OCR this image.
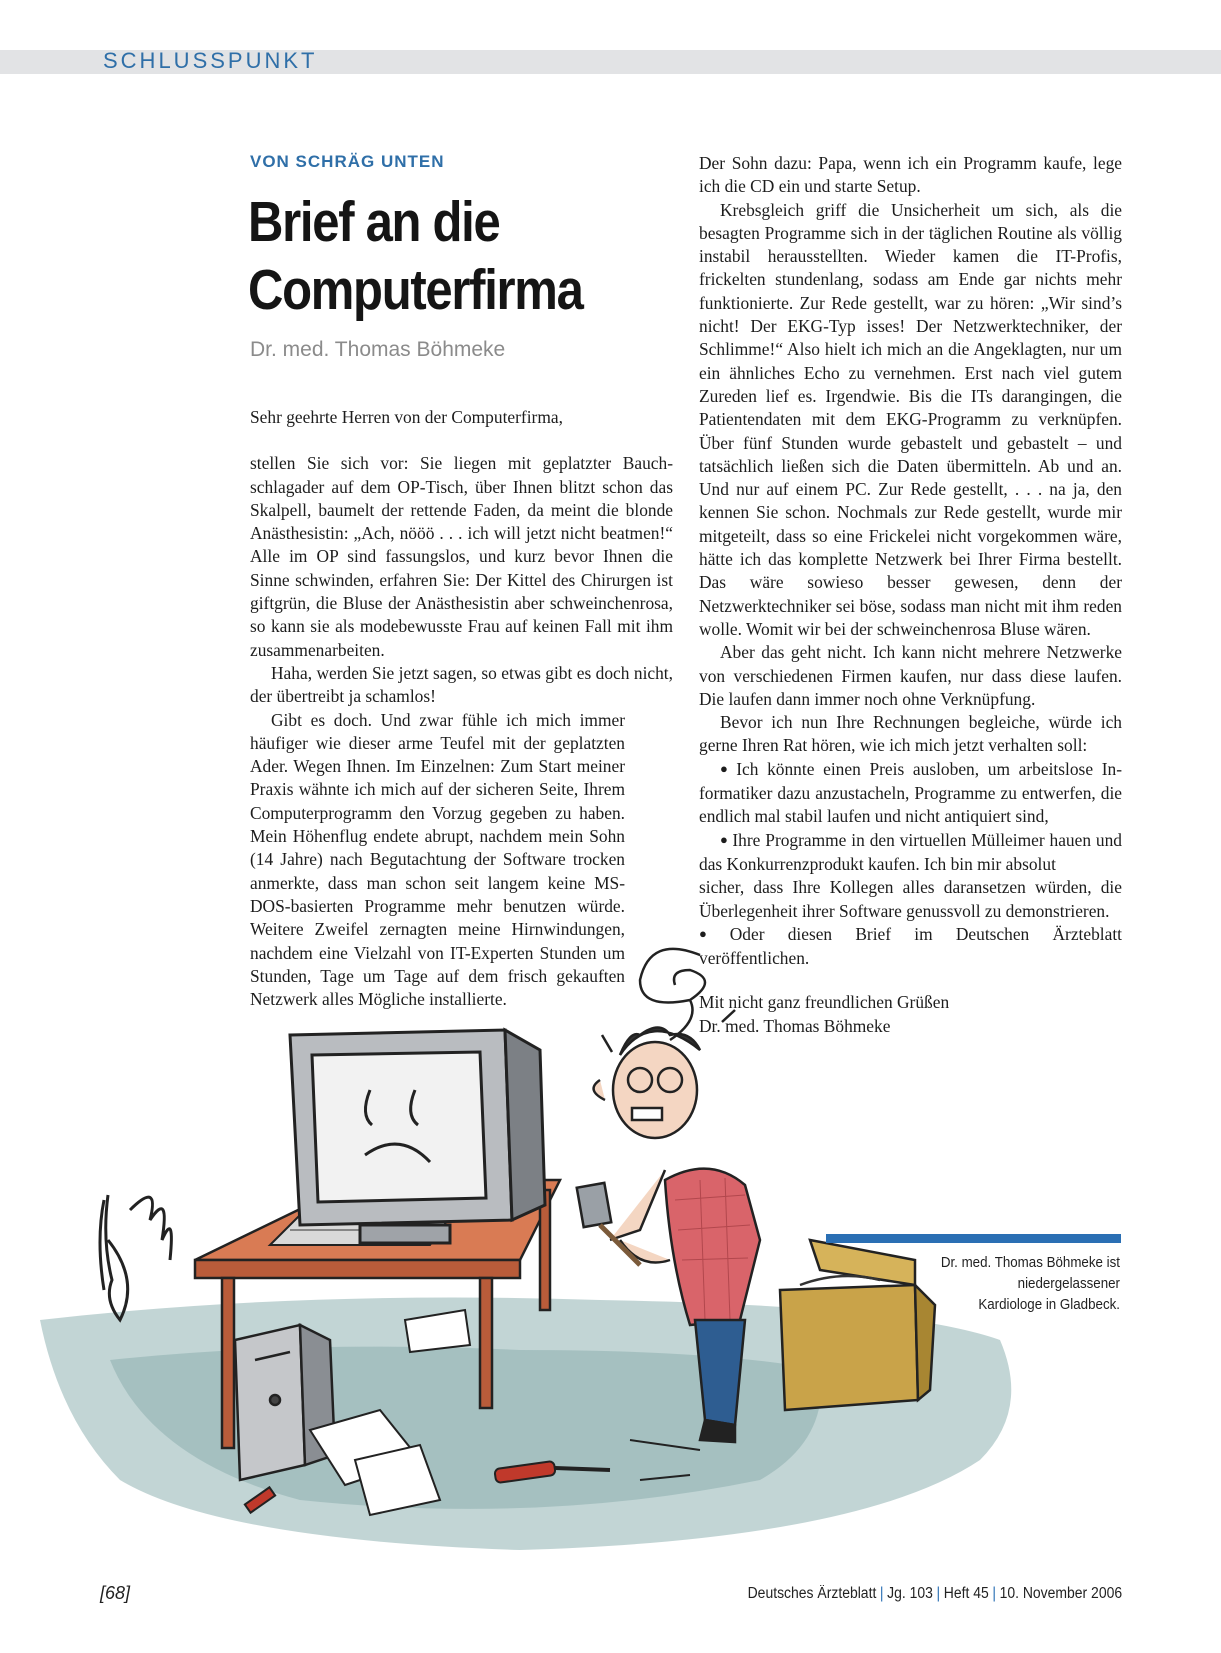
SCHLUSSPUNKT
VON SCHRÄG UNTEN
Brief an die
Computerfirma
Dr. med. Thomas Böhmeke

Sehr geehrte Herren von der Computerfirma,

stellen Sie sich vor: Sie liegen mit geplatzter Bauchschlagader auf dem OP-Tisch, über Ihnen blitzt schon das Skalpell, baumelt der rettende Faden, da meint die blonde Anästhesistin: „Ach, nööö . . . ich will jetzt nicht beatmen!“ Alle im OP sind fassungslos, und kurz bevor Ihnen die Sinne schwinden, erfahren Sie: Der Kittel des Chirurgen ist giftgrün, die Bluse der Anästhesistin aber schweinchenrosa, so kann sie als modebewusste Frau auf keinen Fall mit ihm zusammenarbeiten.

Haha, werden Sie jetzt sagen, so etwas gibt es doch nicht, der übertreibt ja schamlos!

Gibt es doch. Und zwar fühle ich mich immer häufiger wie dieser arme Teufel mit der geplatzten Ader. Wegen Ihnen. Im Einzelnen: Zum Start meiner Praxis wähnte ich mich auf der sicheren Seite, Ihrem Computerprogramm den Vorzug gegeben zu haben. Mein Höhenflug endete abrupt, nachdem mein Sohn (14 Jahre) nach Begutachtung der Software trocken anmerkte, dass man schon seit langem keine MS-DOS-basierten Programme mehr benutzen würde. Weitere Zweifel zernagten meine Hirnwindungen, nachdem eine Vielzahl von IT-Experten Stunden um Stunden, Tage um Tage auf dem frisch gekauften Netzwerk alles Mögliche installierte.

Der Sohn dazu: Papa, wenn ich ein Programm kaufe, lege ich die CD ein und starte Setup.

Krebsgleich griff die Unsicherheit um sich, als die besagten Programme sich in der täglichen Routine als völlig instabil herausstellten. Wieder kamen die IT-Profis, frickelten stundenlang, sodass am Ende gar nichts mehr funktionierte. Zur Rede gestellt, war zu hören: „Wir sind’s nicht! Der EKG-Typ isses! Der Netzwerktechniker, der Schlimme!“ Also hielt ich mich an die Angeklagten, nur um ein ähnliches Echo zu vernehmen. Erst nach viel gutem Zureden lief es. Irgendwie. Bis die ITs darangingen, die Patientendaten mit dem EKG-Programm zu verknüpfen. Über fünf Stunden wurde gebastelt und gebastelt – und tatsächlich ließen sich die Daten übermitteln. Ab und an. Und nur auf einem PC. Zur Rede gestellt, . . . na ja, den kennen Sie schon. Nochmals zur Rede gestellt, wurde mir mitgeteilt, dass so eine Frickelei nicht vorgekommen wäre, hätte ich das komplette Netzwerk bei Ihrer Firma bestellt. Das wäre sowieso besser gewesen, denn der Netzwerktechniker sei böse, sodass man nicht mit ihm reden wolle. Womit wir bei der schweinchenrosa Bluse wären.

Aber das geht nicht. Ich kann nicht mehrere Netzwerke von verschiedenen Firmen kaufen, nur dass diese laufen. Die laufen dann immer noch ohne Verknüpfung.

Bevor ich nun Ihre Rechnungen begleiche, würde ich gerne Ihren Rat hören, wie ich mich jetzt verhalten soll:

● Ich könnte einen Preis ausloben, um arbeitslose Informatiker dazu anzustacheln, Programme zu entwerfen, die endlich mal stabil laufen und nicht antiquiert sind,

● Ihre Programme in den virtuellen Mülleimer hauen und das Konkurrenzprodukt kaufen. Ich bin mir absolut

sicher, dass Ihre Kollegen alles daransetzen würden, die Überlegenheit ihrer Software genussvoll zu demonstrieren.

● Oder diesen Brief im Deutschen Ärzteblatt veröffentlichen.

Mit nicht ganz freundlichen Grüßen

Dr. med. Thomas Böhmeke

Dr. med. Thomas Böhmeke ist niedergelassener
Kardiologe in Gladbeck.
[68]	Deutsches Ärzteblatt | Jg. 103 | Heft 45 | 10. November 2006
